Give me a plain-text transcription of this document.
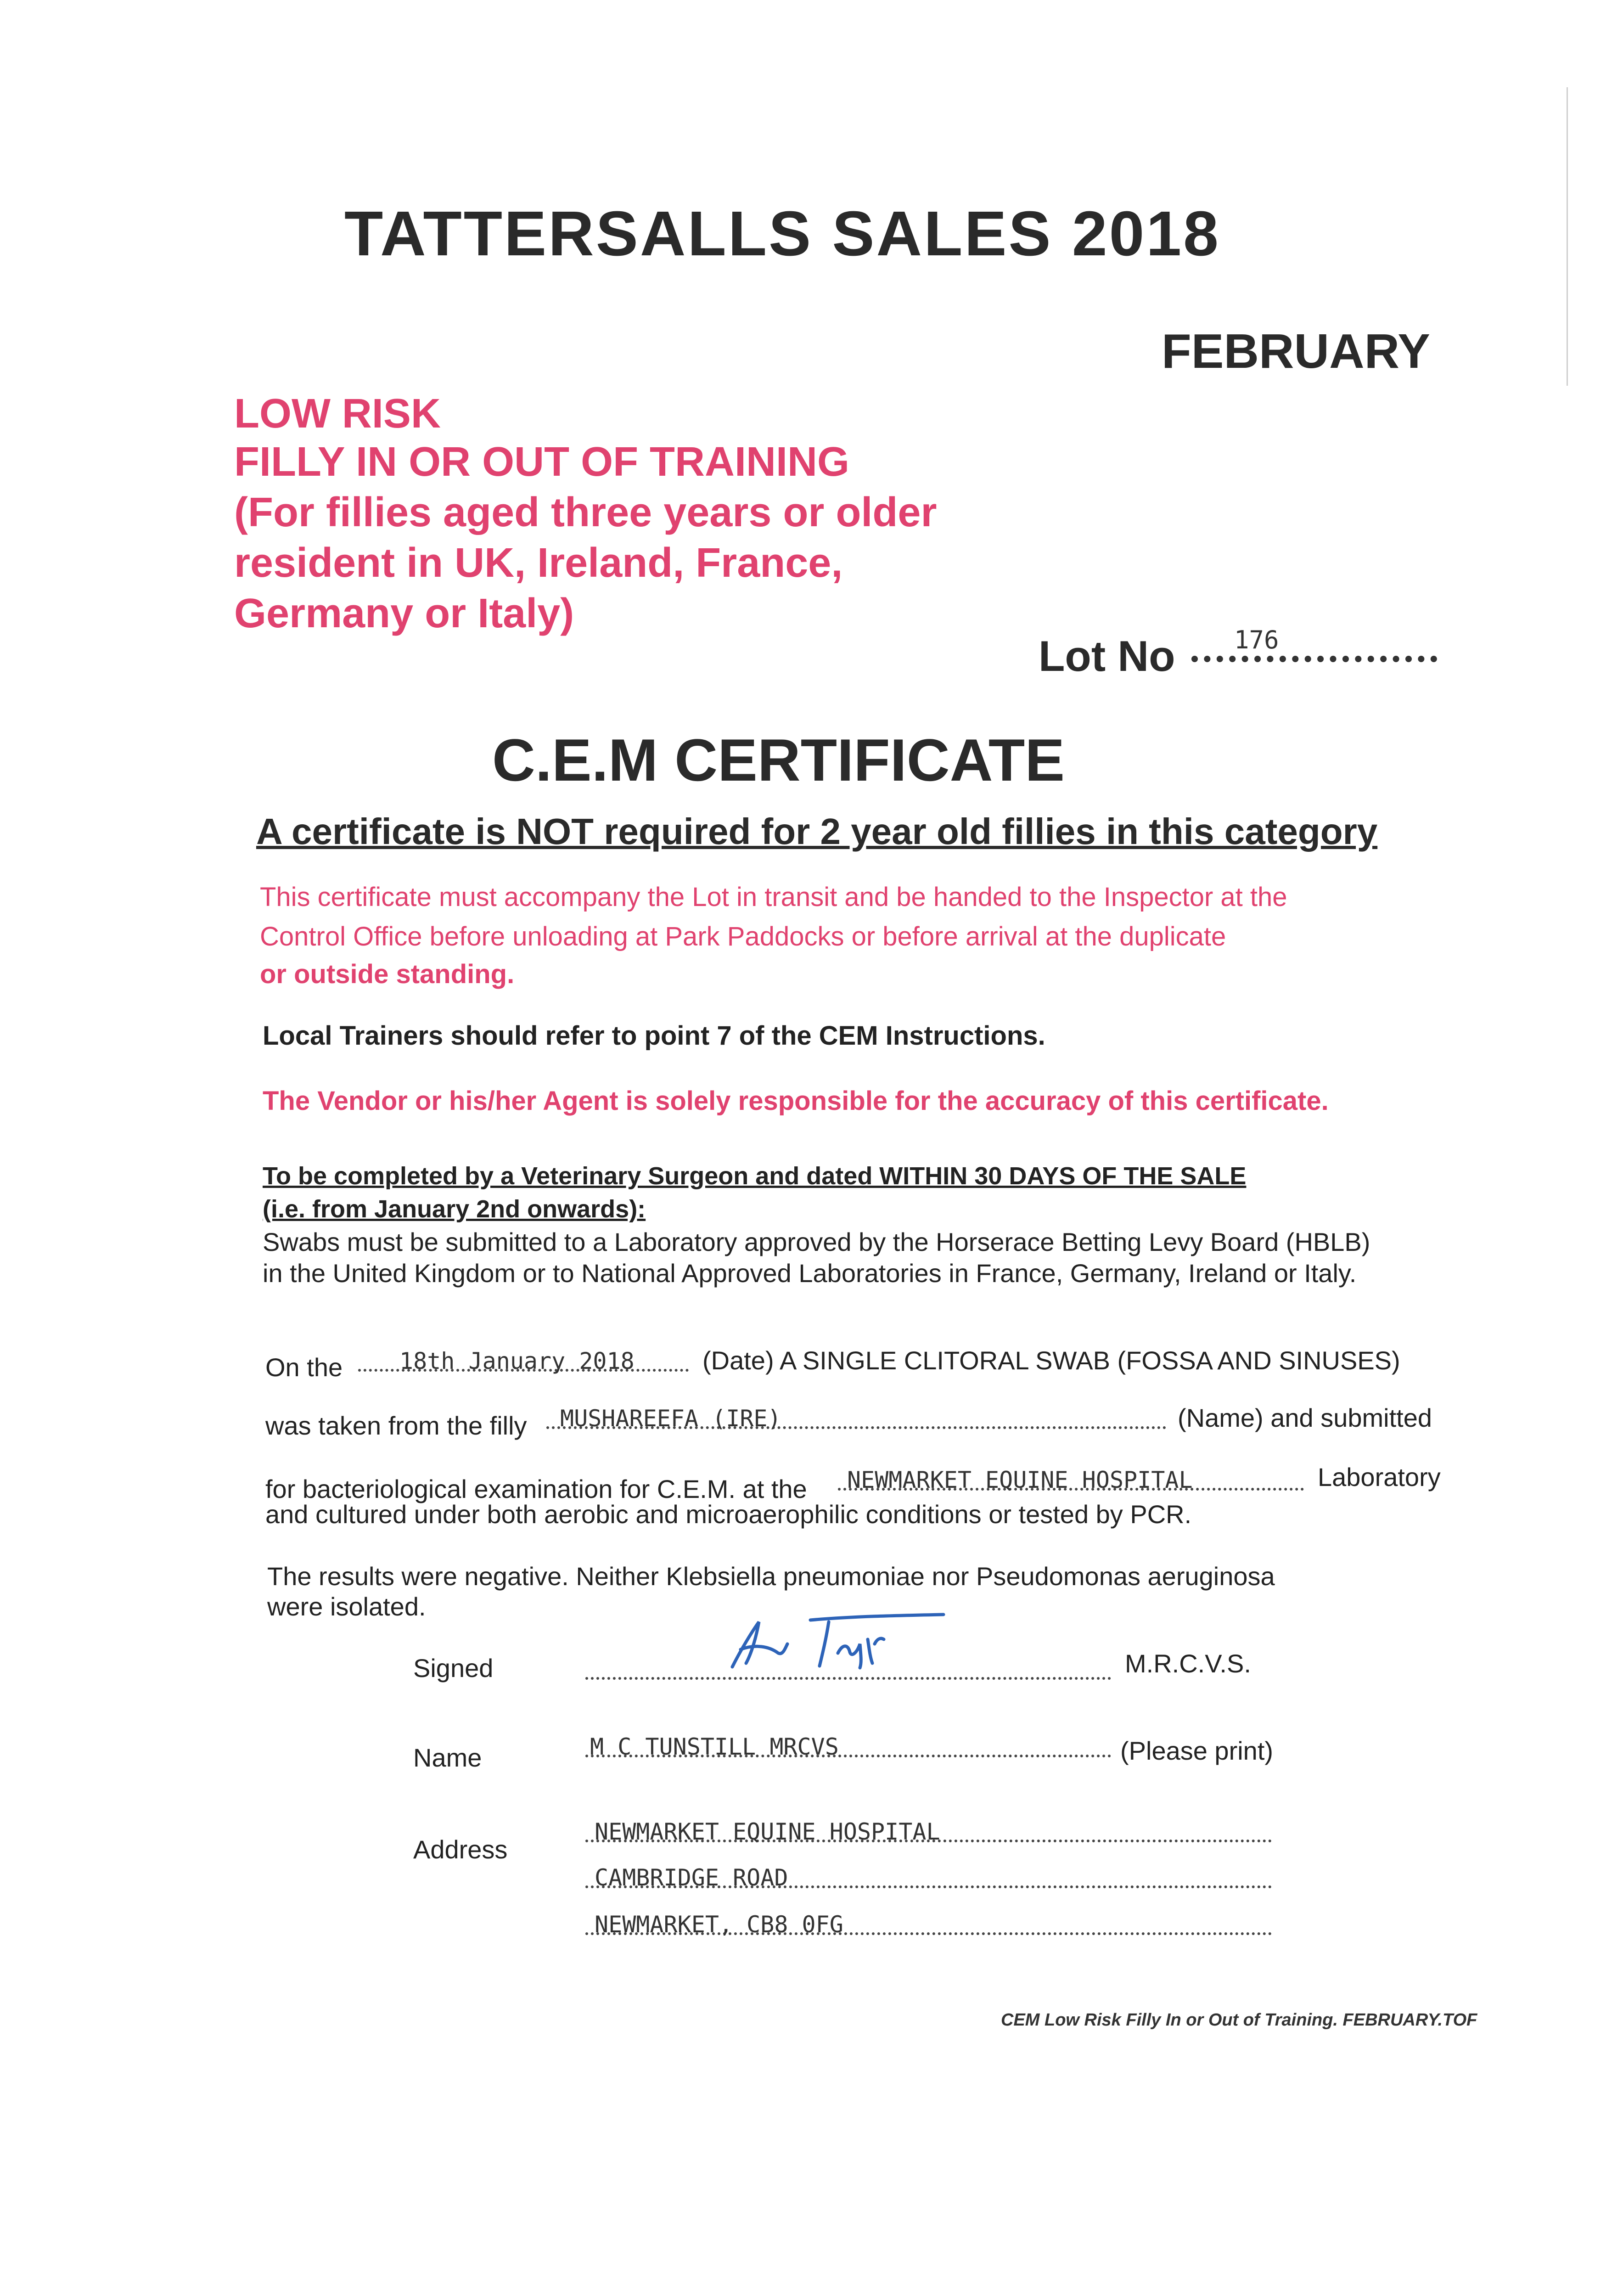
TATTERSALLS SALES 2018
FEBRUARY
LOW RISK
FILLY IN OR OUT OF TRAINING
(For fillies aged three years or older
resident in UK, Ireland, France,
Germany or Italy)
Lot No 176
C.E.M CERTIFICATE
A certificate is NOT required for 2 year old fillies in this category
This certificate must accompany the Lot in transit and be handed to the Inspector at the
Control Office before unloading at Park Paddocks or before arrival at the duplicate
or outside standing.
Local Trainers should refer to point 7 of the CEM Instructions.
The Vendor or his/her Agent is solely responsible for the accuracy of this certificate.
To be completed by a Veterinary Surgeon and dated WITHIN 30 DAYS OF THE SALE
(i.e. from January 2nd onwards):
Swabs must be submitted to a Laboratory approved by the Horserace Betting Levy Board (HBLB)
in the United Kingdom or to National Approved Laboratories in France, Germany, Ireland or Italy.
On the	18th January 2018	(Date) A SINGLE CLITORAL SWAB (FOSSA AND SINUSES)
was taken from the filly	MUSHAREEFA (IRE)	(Name) and submitted
for bacteriological examination for C.E.M. at the	NEWMARKET EQUINE HOSPITAL	Laboratory
and cultured under both aerobic and microaerophilic conditions or tested by PCR.
The results were negative. Neither Klebsiella pneumoniae nor Pseudomonas aeruginosa
were isolated.
Signed	M.R.C.V.S.
Name	M C TUNSTILL MRCVS	(Please print)
Address
NEWMARKET EQUINE HOSPITAL
CAMBRIDGE ROAD
NEWMARKET, CB8 0FG
CEM Low Risk Filly In or Out of Training. FEBRUARY.TOF
